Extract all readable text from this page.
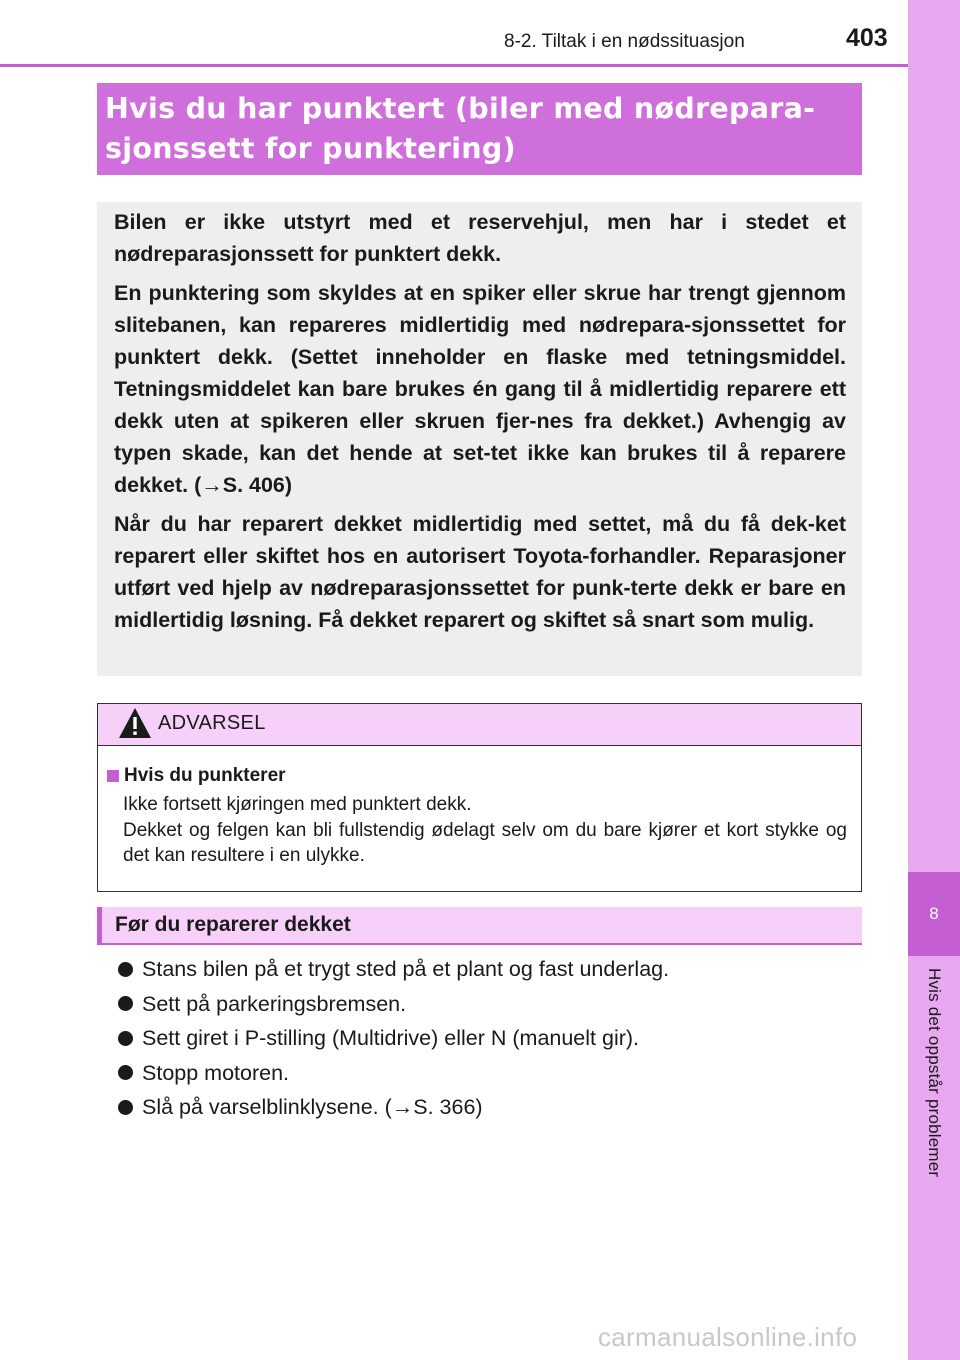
8
Hvis det oppstår problemer
8-2. Tiltak i en nødssituasjon	403
Hvis du har punktert (biler med nødrepara-
sjonssett for punktering)

Bilen er ikke utstyrt med et reservehjul, men har i stedet et nødreparasjonssett for punktert dekk.

En punktering som skyldes at en spiker eller skrue har trengt gjennom slitebanen, kan repareres midlertidig med nødrepara-sjonssettet for punktert dekk. (Settet inneholder en flaske med tetningsmiddel. Tetningsmiddelet kan bare brukes én gang til å midlertidig reparere ett dekk uten at spikeren eller skruen fjer-nes fra dekket.) Avhengig av typen skade, kan det hende at set-tet ikke kan brukes til å reparere dekket. (→S. 406)

Når du har reparert dekket midlertidig med settet, må du få dek-ket reparert eller skiftet hos en autorisert Toyota-forhandler. Reparasjoner utført ved hjelp av nødreparasjonssettet for punk-terte dekk er bare en midlertidig løsning. Få dekket reparert og skiftet så snart som mulig.

ADVARSEL
Hvis du punkterer
Ikke fortsett kjøringen med punktert dekk.
Dekket og felgen kan bli fullstendig ødelagt selv om du bare kjører et kort stykke og det kan resultere i en ulykke.
Før du reparerer dekket
Stans bilen på et trygt sted på et plant og fast underlag.
Sett på parkeringsbremsen.
Sett giret i P-stilling (Multidrive) eller N (manuelt gir).
Stopp motoren.
Slå på varselblinklysene. (→S. 366)
carmanualsonline.info
